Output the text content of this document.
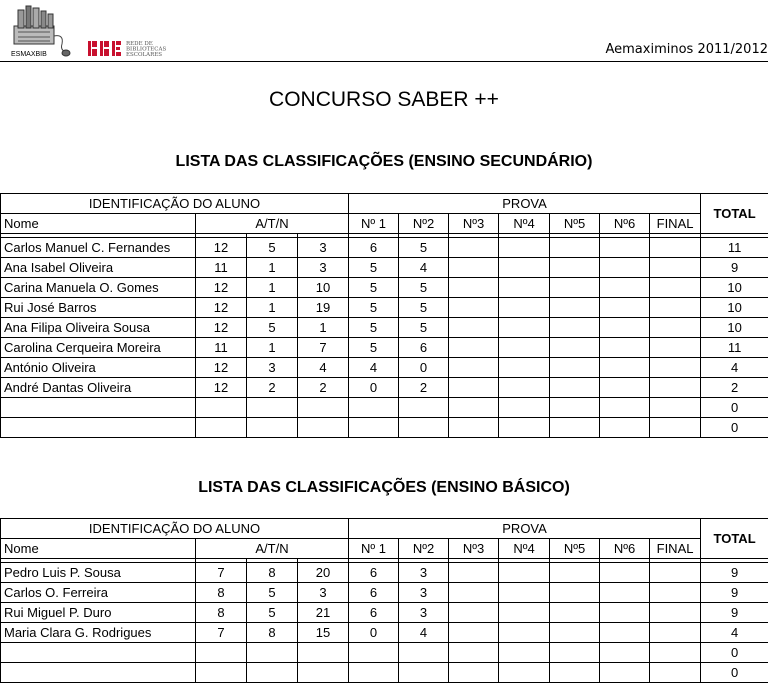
ESMAXBIB
RBE
REDE DE
BIBLIOTECAS
ESCOLARES	Aemaximinos 2011/2012
CONCURSO SABER ++
LISTA DAS CLASSIFICAÇÕES (ENSINO SECUNDÁRIO)
IDENTIFICAÇÃO DO ALUNO				PROVA							TOTAL
Nome	A/T/N			Nº 1	Nº2	Nº3	Nº4	Nº5	Nº6	FINAL	

Carlos Manuel C. Fernandes	12	5	3	6	5						11
Ana Isabel Oliveira	11	1	3	5	4						9
Carina Manuela O. Gomes	12	1	10	5	5						10
Rui José Barros	12	1	19	5	5						10
Ana Filipa Oliveira Sousa	12	5	1	5	5						10
Carolina Cerqueira Moreira	11	1	7	5	6						11
António Oliveira	12	3	4	4	0						4
André Dantas Oliveira	12	2	2	0	2						2
											0
											0
LISTA DAS CLASSIFICAÇÕES (ENSINO BÁSICO)
IDENTIFICAÇÃO DO ALUNO				PROVA							TOTAL
Nome	A/T/N			Nº 1	Nº2	Nº3	Nº4	Nº5	Nº6	FINAL	

Pedro Luis P. Sousa	7	8	20	6	3						9
Carlos O. Ferreira	8	5	3	6	3						9
Rui Miguel P. Duro	8	5	21	6	3						9
Maria Clara G. Rodrigues	7	8	15	0	4						4
											0
											0
